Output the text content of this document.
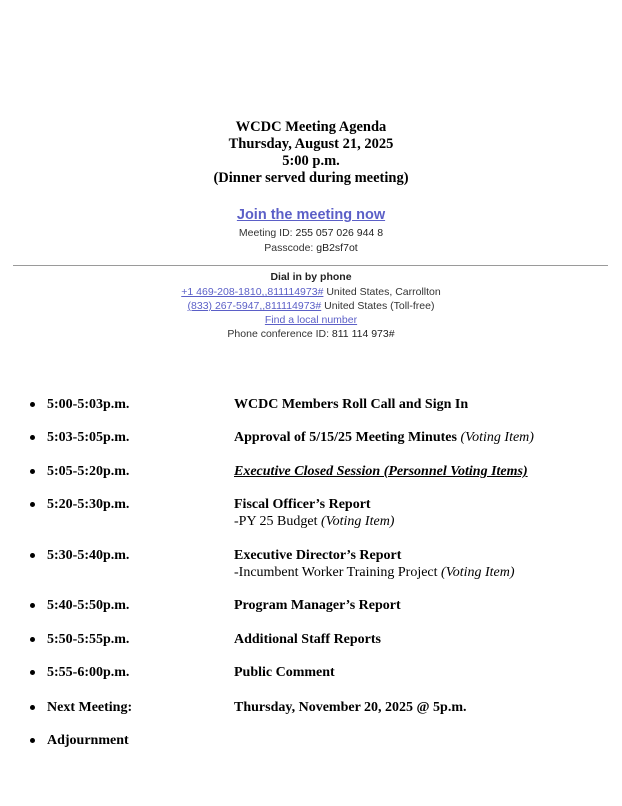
WCDC Meeting Agenda
Thursday, August 21, 2025
5:00 p.m.
(Dinner served during meeting)
Join the meeting now
Meeting ID: 255 057 026 944 8
Passcode: gB2sf7ot
Dial in by phone
+1 469-208-1810,,811114973# United States, Carrollton
(833) 267-5947,,811114973# United States (Toll-free)
Find a local number
Phone conference ID: 811 114 973#
5:00-5:03p.m.	WCDC Members Roll Call and Sign In
5:03-5:05p.m.	Approval of 5/15/25 Meeting Minutes (Voting Item)
5:05-5:20p.m.	Executive Closed Session (Personnel Voting Items)
5:20-5:30p.m.	Fiscal Officer’s Report
-PY 25 Budget (Voting Item)
5:30-5:40p.m.	Executive Director’s Report
-Incumbent Worker Training Project (Voting Item)
5:40-5:50p.m.	Program Manager’s Report
5:50-5:55p.m.	Additional Staff Reports
5:55-6:00p.m.	Public Comment
Next Meeting:	Thursday, November 20, 2025 @ 5p.m.
Adjournment
